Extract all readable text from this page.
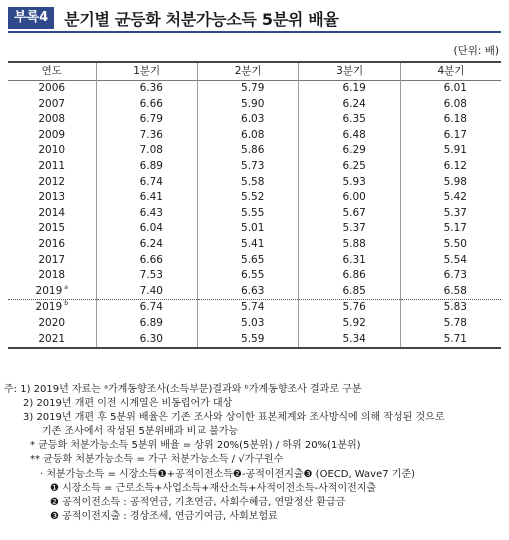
부록4	분기별 균등화 처분가능소득 5분위 배율
(단위: 배)
연도	1분기	2분기	3분기	4분기
2006	6.36	5.79	6.19	6.01
2007	6.66	5.90	6.24	6.08
2008	6.79	6.03	6.35	6.18
2009	7.36	6.08	6.48	6.17
2010	7.08	5.86	6.29	5.91
2011	6.89	5.73	6.25	6.12
2012	6.74	5.58	5.93	5.98
2013	6.41	5.52	6.00	5.42
2014	6.43	5.55	5.67	5.37
2015	6.04	5.01	5.37	5.17
2016	6.24	5.41	5.88	5.50
2017	6.66	5.65	6.31	5.54
2018	7.53	6.55	6.86	6.73
2019 $^a$	7.40	6.63	6.85	6.58
2019 $^b$	6.74	5.74	5.76	5.83
2020	6.89	5.03	5.92	5.78
2021	6.30	5.59	5.34	5.71
주: 1) 2019년 자료는 ᵃ가계동향조사(소득부문)결과와 ᵇ가계동향조사 결과로 구분
2) 2019년 개편 이전 시계열은 비동립어가 대상
3) 2019년 개편 후 5분위 배율은 기존 조사와 상이한 표본체계와 조사방식에 의해 작성된 것으로
기존 조사에서 작성된 5분위배과 비교 불가능
* 균등화 처분가능소득 5분위 배율 = 상위 20%(5분위) / 하위 20%(1분위)
** 균등화 처분가능소득 = 가구 처분가능소득 / √가구원수
· 처분가능소득 = 시장소득❶+공적이전소득❷-공적이전지출❸ (OECD, Wave7 기준)
❶ 시장소득 = 근로소득+사업소득+재산소득+사적이전소득-사적이전지출
❷ 공적이전소득 : 공적연금, 기초연금, 사회수혜금, 연말정산 환급금
❸ 공적이전지출 : 경상조세, 연금기여금, 사회보험료
